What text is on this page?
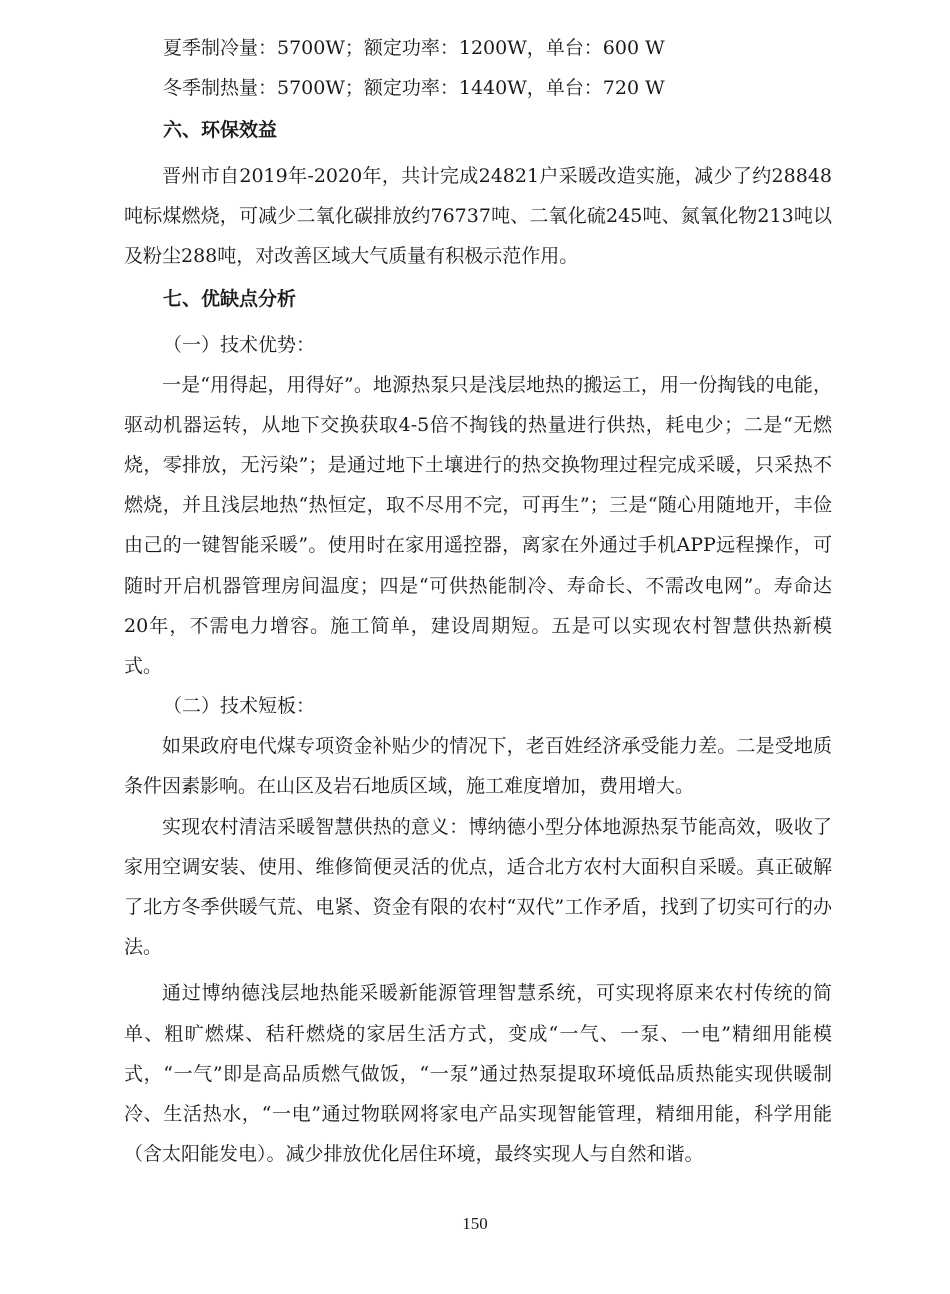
夏季制冷量：5700W；额定功率：1200W，单台：600 W

冬季制热量：5700W；额定功率：1440W，单台：720 W

六、环保效益

晋州市自2019年-2020年，共计完成24821户采暖改造实施，减少了约28848吨标煤燃烧，可减少二氧化碳排放约76737吨、二氧化硫245吨、氮氧化物213吨以及粉尘288吨，对改善区域大气质量有积极示范作用。

七、优缺点分析

（一）技术优势：

一是“用得起，用得好”。地源热泵只是浅层地热的搬运工，用一份掏钱的电能，驱动机器运转，从地下交换获取4-5倍不掏钱的热量进行供热，耗电少；二是“无燃烧，零排放，无污染”；是通过地下土壤进行的热交换物理过程完成采暖，只采热不燃烧，并且浅层地热“热恒定，取不尽用不完，可再生”；三是“随心用随地开，丰俭由己的一键智能采暖”。使用时在家用遥控器，离家在外通过手机APP远程操作，可随时开启机器管理房间温度；四是“可供热能制冷、寿命长、不需改电网”。寿命达20年，不需电力增容。施工简单，建设周期短。五是可以实现农村智慧供热新模式。

（二）技术短板：

如果政府电代煤专项资金补贴少的情况下，老百姓经济承受能力差。二是受地质条件因素影响。在山区及岩石地质区域，施工难度增加，费用增大。

实现农村清洁采暖智慧供热的意义：博纳德小型分体地源热泵节能高效，吸收了家用空调安装、使用、维修简便灵活的优点，适合北方农村大面积自采暖。真正破解了北方冬季供暖气荒、电紧、资金有限的农村“双代”工作矛盾，找到了切实可行的办法。

通过博纳德浅层地热能采暖新能源管理智慧系统，可实现将原来农村传统的简单、粗旷燃煤、秸秆燃烧的家居生活方式，变成“一气、一泵、一电”精细用能模式，“一气”即是高品质燃气做饭，“一泵”通过热泵提取环境低品质热能实现供暖制冷、生活热水，“一电”通过物联网将家电产品实现智能管理，精细用能，科学用能（含太阳能发电）。减少排放优化居住环境，最终实现人与自然和谐。

150
